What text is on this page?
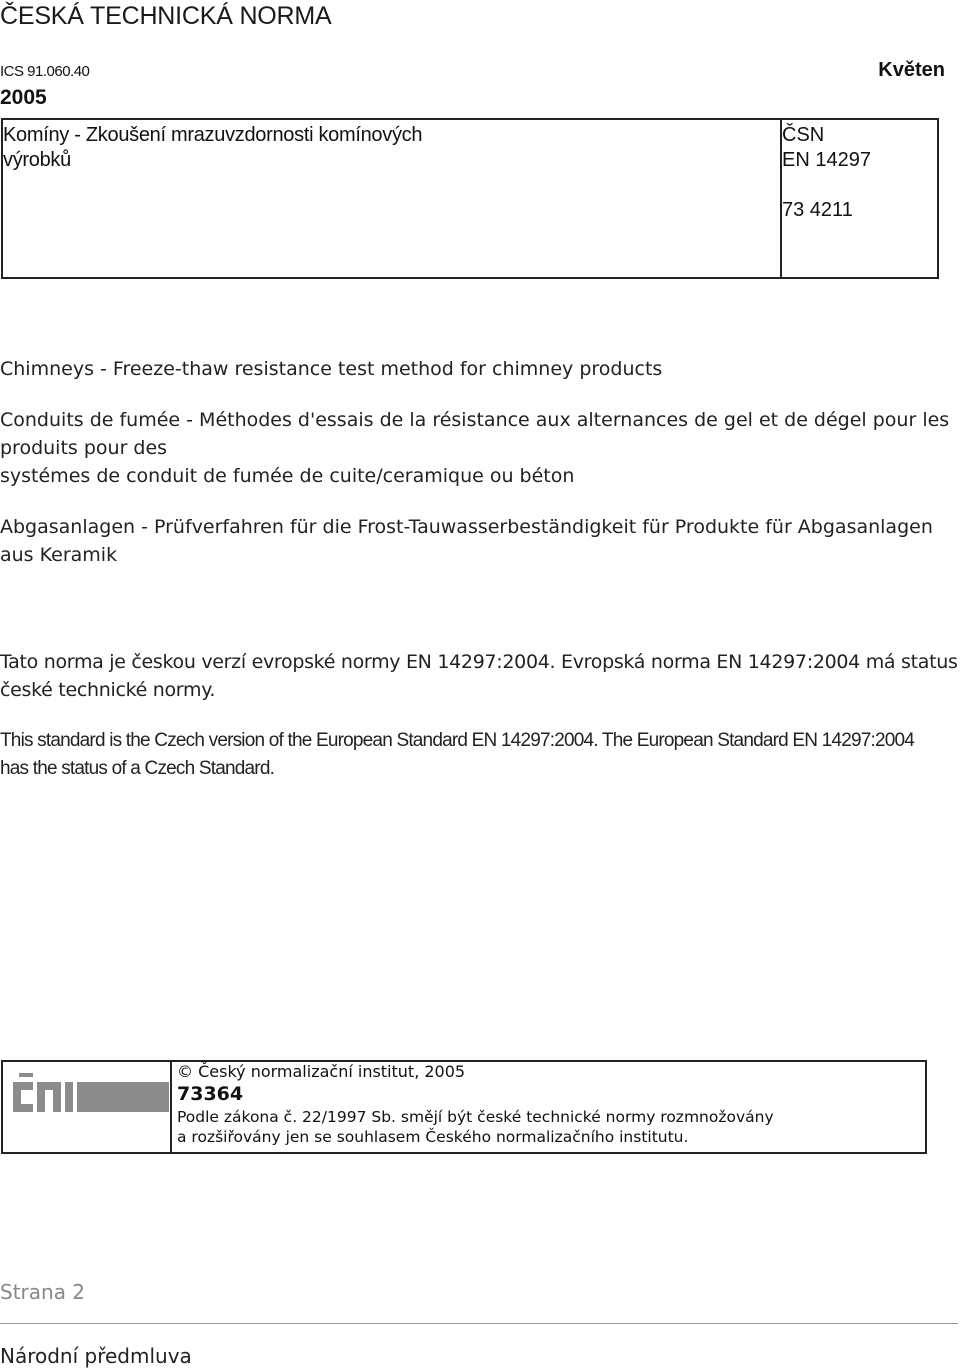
ČESKÁ TECHNICKÁ NORMA
ICS 91.060.40	Květen
2005
Komíny - Zkoušení mrazuvzdornosti komínových výrobků
ČSN
EN 14297
73 4211
Chimneys - Freeze-thaw resistance test method for chimney products
Conduits de fumée - Méthodes d'essais de la résistance aux alternances de gel et de dégel pour les produits pour des
systémes de conduit de fumée de cuite/ceramique ou béton
Abgasanlagen - Prüfverfahren für die Frost-Tauwasserbeständigkeit für Produkte für Abgasanlagen aus Keramik
Tato norma je českou verzí evropské normy EN 14297:2004. Evropská norma EN 14297:2004 má status české technické normy.
This standard is the Czech version of the European Standard EN 14297:2004. The European Standard EN 14297:2004 has the status of a Czech Standard.
© Český normalizační institut, 2005
73364
Podle zákona č. 22/1997 Sb. smějí být české technické normy rozmnožovány
a rozšiřovány jen se souhlasem Českého normalizačního institutu.
Strana 2
Národní předmluva
